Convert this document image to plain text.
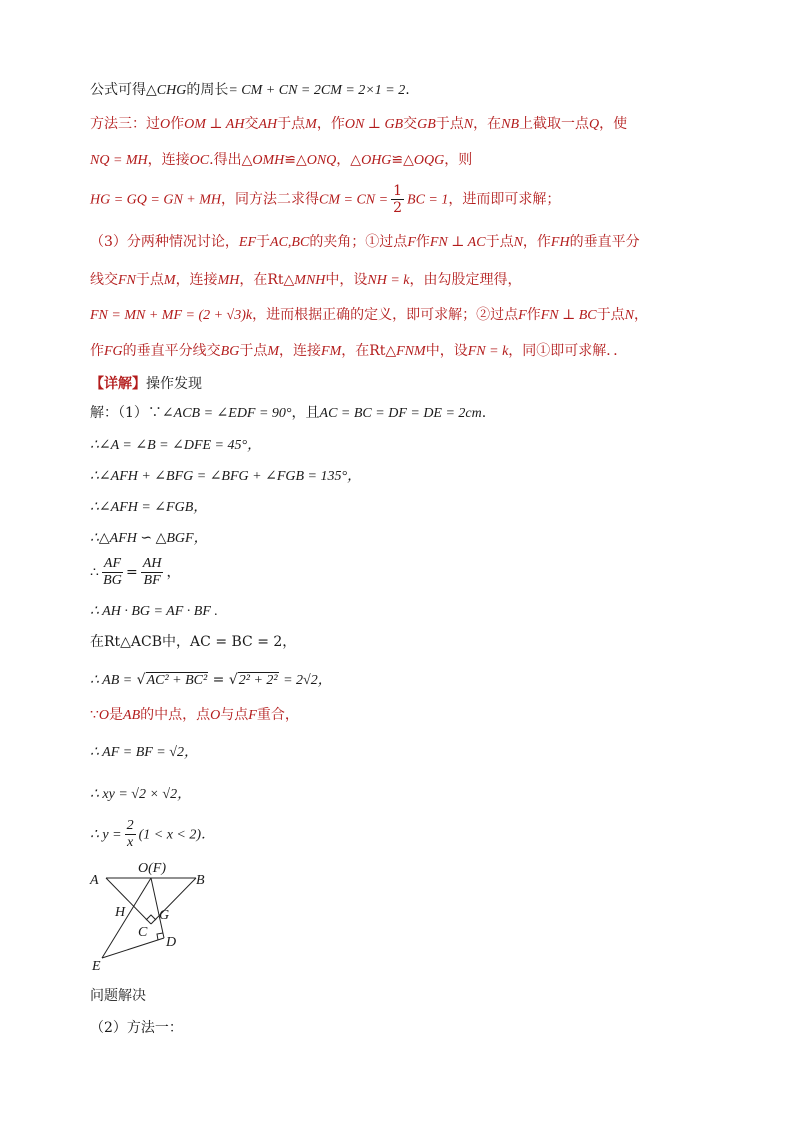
公式可得△CHG的周长= CM + CN = 2CM = 2×1 = 2.
方法三：过O作OM ⊥ AH交AH于点M，作ON ⊥ GB交GB于点N，在NB上截取一点Q，使
NQ = MH，连接OC.得出△OMH≌△ONQ，△OHG≌△OQG，则
HG = GQ = GN + MH，同方法二求得CM = CN = $\frac{1}{2}$ BC = 1，进而即可求解；
（3）分两种情况讨论，EF于AC,BC的夹角；①过点F作FN ⊥ AC于点N，作FH的垂直平分
线交FN于点M，连接MH，在Rt△MNH中，设NH = k，由勾股定理得，
FN = MN + MF = (2 + √3)k，进而根据正确的定义，即可求解；②过点F作FN ⊥ BC于点N，
作FG的垂直平分线交BG于点M，连接FM，在Rt△FNM中，设FN = k，同①即可求解．．
【详解】操作发现
解：（1）∵∠ACB = ∠EDF = 90°，且AC = BC = DF = DE = 2cm.
∴∠A = ∠B = ∠DFE = 45°，
∴∠AFH + ∠BFG = ∠BFG + ∠FGB = 135°，
∴∠AFH = ∠FGB，
∴△AFH ∽ △BGF，
∴ $\frac{AF}{BG} = \frac{AH}{BF}$ ，
∴ AH · BG = AF · BF .
在Rt△ACB中，AC = BC = 2，
∴ AB = √AC² + BC² = √2² + 2² = 2√2，
∵O是AB的中点，点O与点F重合，
∴ AF = BF = √2，
∴ xy = √2 × √2，
∴ $y = \frac{2}{x} (1 < x < 2)$．
A
O(F)
B
H G
C
D
E
问题解决
（2）方法一：
